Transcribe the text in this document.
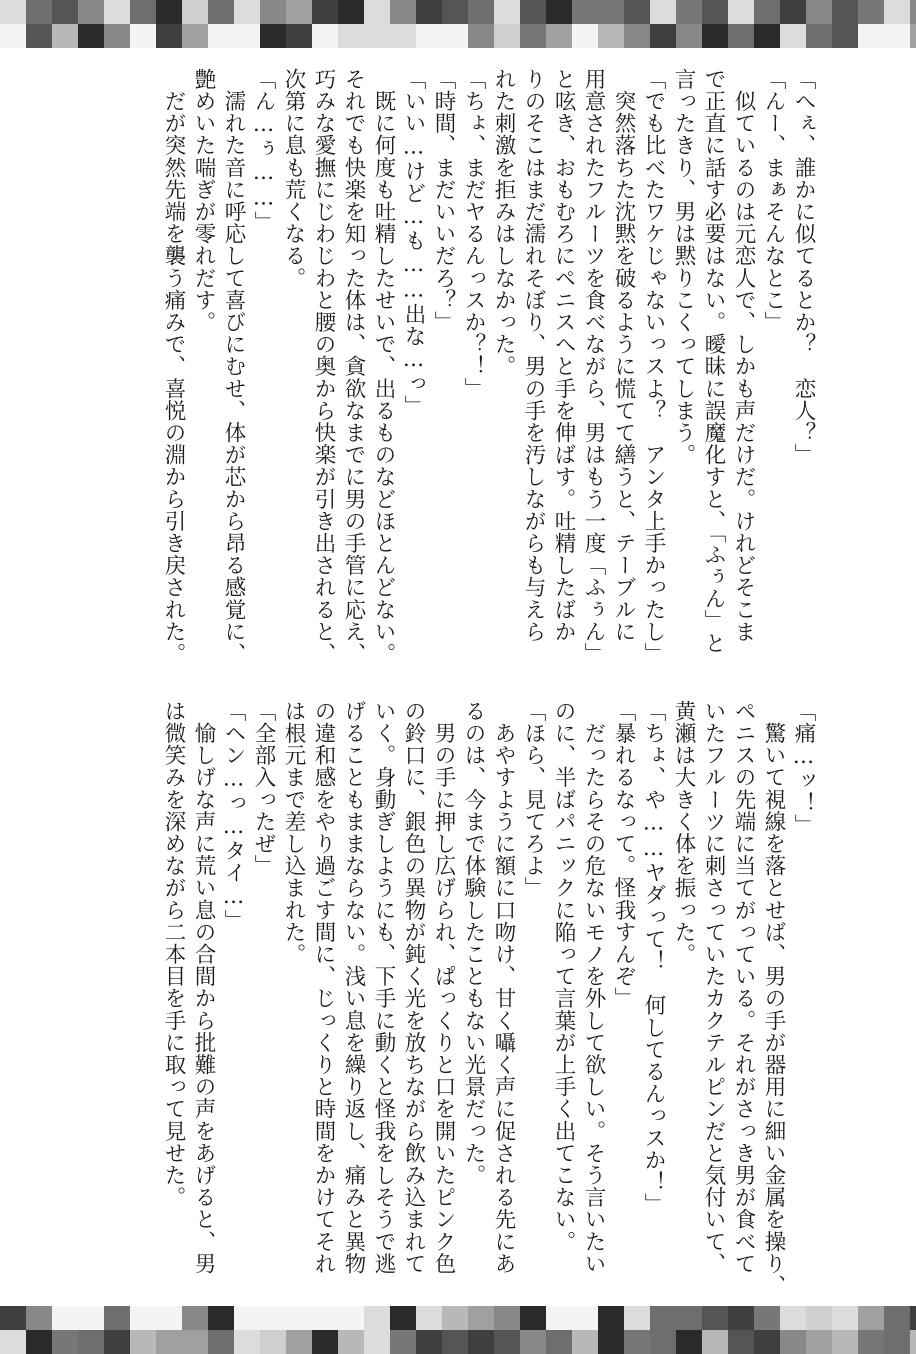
「へぇ、誰かに似てるとか？　恋人？」

「んー、まぁそんなとこ」

　似ているのは元恋人で、しかも声だけだ。けれどそこま

で正直に話す必要はない。曖昧に誤魔化すと、「ふぅん」と

言ったきり、男は黙りこくってしまう。

「でも比べたワケじゃないっスよ？　アンタ上手かったし」

　突然落ちた沈黙を破るように慌てて繕うと、テーブルに

用意されたフルーツを食べながら、男はもう一度「ふぅん」

と呟き、おもむろにペニスへと手を伸ばす。吐精したばか

りのそこはまだ濡れそぼり、男の手を汚しながらも与えら

れた刺激を拒みはしなかった。

「ちょ、まだヤるんっスか？！」

「時間、まだいいだろ？」

「いい…けど…も……出な…っ」

　既に何度も吐精したせいで、出るものなどほとんどない。

それでも快楽を知った体は、貪欲なまでに男の手管に応え、

巧みな愛撫にじわじわと腰の奥から快楽が引き出されると、

次第に息も荒くなる。

「ん…ぅ……」

　濡れた音に呼応して喜びにむせ、体が芯から昂る感覚に、

艶めいた喘ぎが零れだす。

　だが突然先端を襲う痛みで、喜悦の淵から引き戻された。

「痛…ッ！」

　驚いて視線を落とせば、男の手が器用に細い金属を操り、

ペニスの先端に当てがっている。それがさっき男が食べて

いたフルーツに刺さっていたカクテルピンだと気付いて、

黄瀬は大きく体を振った。

「ちょ、や……ヤダって！　何してるんっスか！」

「暴れるなって。怪我すんぞ」

　だったらその危ないモノを外して欲しい。そう言いたい

のに、半ばパニックに陥って言葉が上手く出てこない。

「ほら、見てろよ」

　あやすように額に口吻け、甘く囁く声に促される先にあ

るのは、今まで体験したこともない光景だった。

　男の手に押し広げられ、ぱっくりと口を開いたピンク色

の鈴口に、銀色の異物が鈍く光を放ちながら飲み込まれて

いく。身動ぎしようにも、下手に動くと怪我をしそうで逃

げることもままならない。浅い息を繰り返し、痛みと異物

の違和感をやり過ごす間に、じっくりと時間をかけてそれ

は根元まで差し込まれた。

「全部入ったぜ」

「ヘン…っ…タイ…」

　愉しげな声に荒い息の合間から批難の声をあげると、男

は微笑みを深めながら二本目を手に取って見せた。
